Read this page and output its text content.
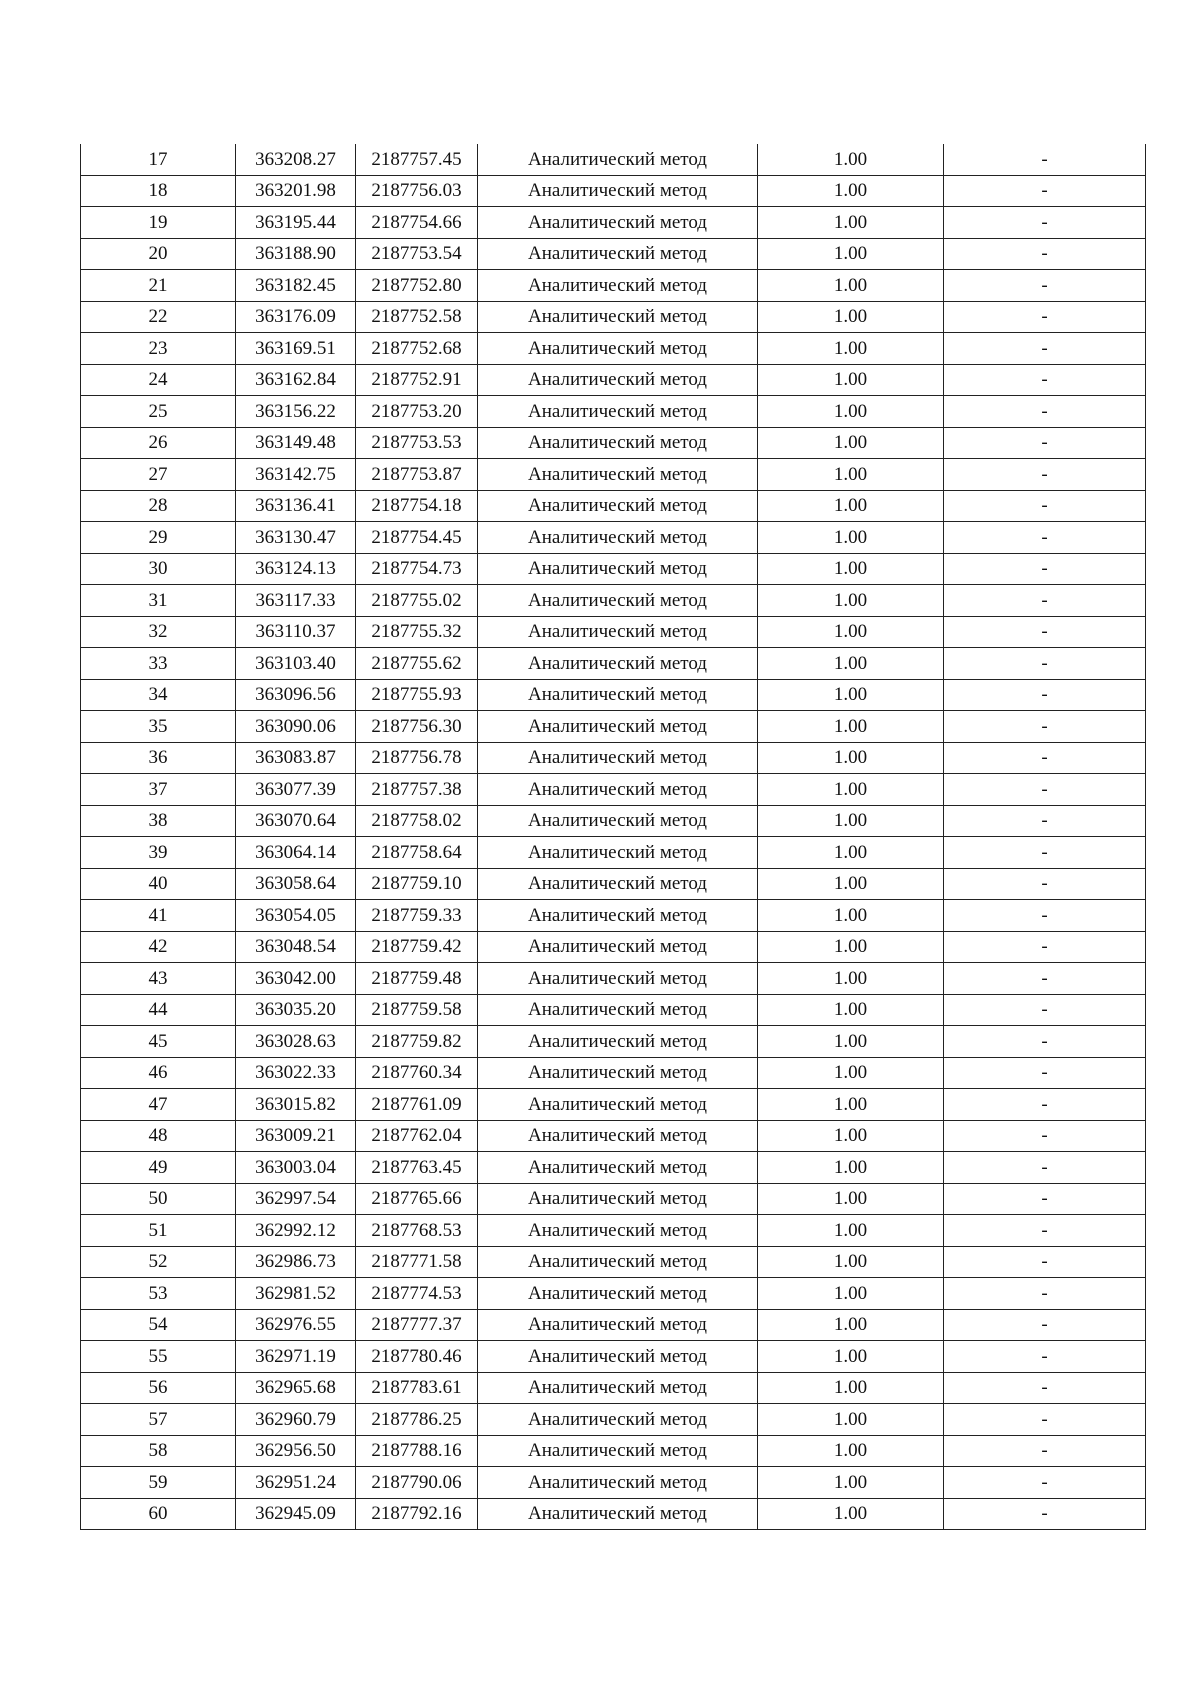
17	363208.27	2187757.45	Аналитический метод	1.00	-
18	363201.98	2187756.03	Аналитический метод	1.00	-
19	363195.44	2187754.66	Аналитический метод	1.00	-
20	363188.90	2187753.54	Аналитический метод	1.00	-
21	363182.45	2187752.80	Аналитический метод	1.00	-
22	363176.09	2187752.58	Аналитический метод	1.00	-
23	363169.51	2187752.68	Аналитический метод	1.00	-
24	363162.84	2187752.91	Аналитический метод	1.00	-
25	363156.22	2187753.20	Аналитический метод	1.00	-
26	363149.48	2187753.53	Аналитический метод	1.00	-
27	363142.75	2187753.87	Аналитический метод	1.00	-
28	363136.41	2187754.18	Аналитический метод	1.00	-
29	363130.47	2187754.45	Аналитический метод	1.00	-
30	363124.13	2187754.73	Аналитический метод	1.00	-
31	363117.33	2187755.02	Аналитический метод	1.00	-
32	363110.37	2187755.32	Аналитический метод	1.00	-
33	363103.40	2187755.62	Аналитический метод	1.00	-
34	363096.56	2187755.93	Аналитический метод	1.00	-
35	363090.06	2187756.30	Аналитический метод	1.00	-
36	363083.87	2187756.78	Аналитический метод	1.00	-
37	363077.39	2187757.38	Аналитический метод	1.00	-
38	363070.64	2187758.02	Аналитический метод	1.00	-
39	363064.14	2187758.64	Аналитический метод	1.00	-
40	363058.64	2187759.10	Аналитический метод	1.00	-
41	363054.05	2187759.33	Аналитический метод	1.00	-
42	363048.54	2187759.42	Аналитический метод	1.00	-
43	363042.00	2187759.48	Аналитический метод	1.00	-
44	363035.20	2187759.58	Аналитический метод	1.00	-
45	363028.63	2187759.82	Аналитический метод	1.00	-
46	363022.33	2187760.34	Аналитический метод	1.00	-
47	363015.82	2187761.09	Аналитический метод	1.00	-
48	363009.21	2187762.04	Аналитический метод	1.00	-
49	363003.04	2187763.45	Аналитический метод	1.00	-
50	362997.54	2187765.66	Аналитический метод	1.00	-
51	362992.12	2187768.53	Аналитический метод	1.00	-
52	362986.73	2187771.58	Аналитический метод	1.00	-
53	362981.52	2187774.53	Аналитический метод	1.00	-
54	362976.55	2187777.37	Аналитический метод	1.00	-
55	362971.19	2187780.46	Аналитический метод	1.00	-
56	362965.68	2187783.61	Аналитический метод	1.00	-
57	362960.79	2187786.25	Аналитический метод	1.00	-
58	362956.50	2187788.16	Аналитический метод	1.00	-
59	362951.24	2187790.06	Аналитический метод	1.00	-
60	362945.09	2187792.16	Аналитический метод	1.00	-
